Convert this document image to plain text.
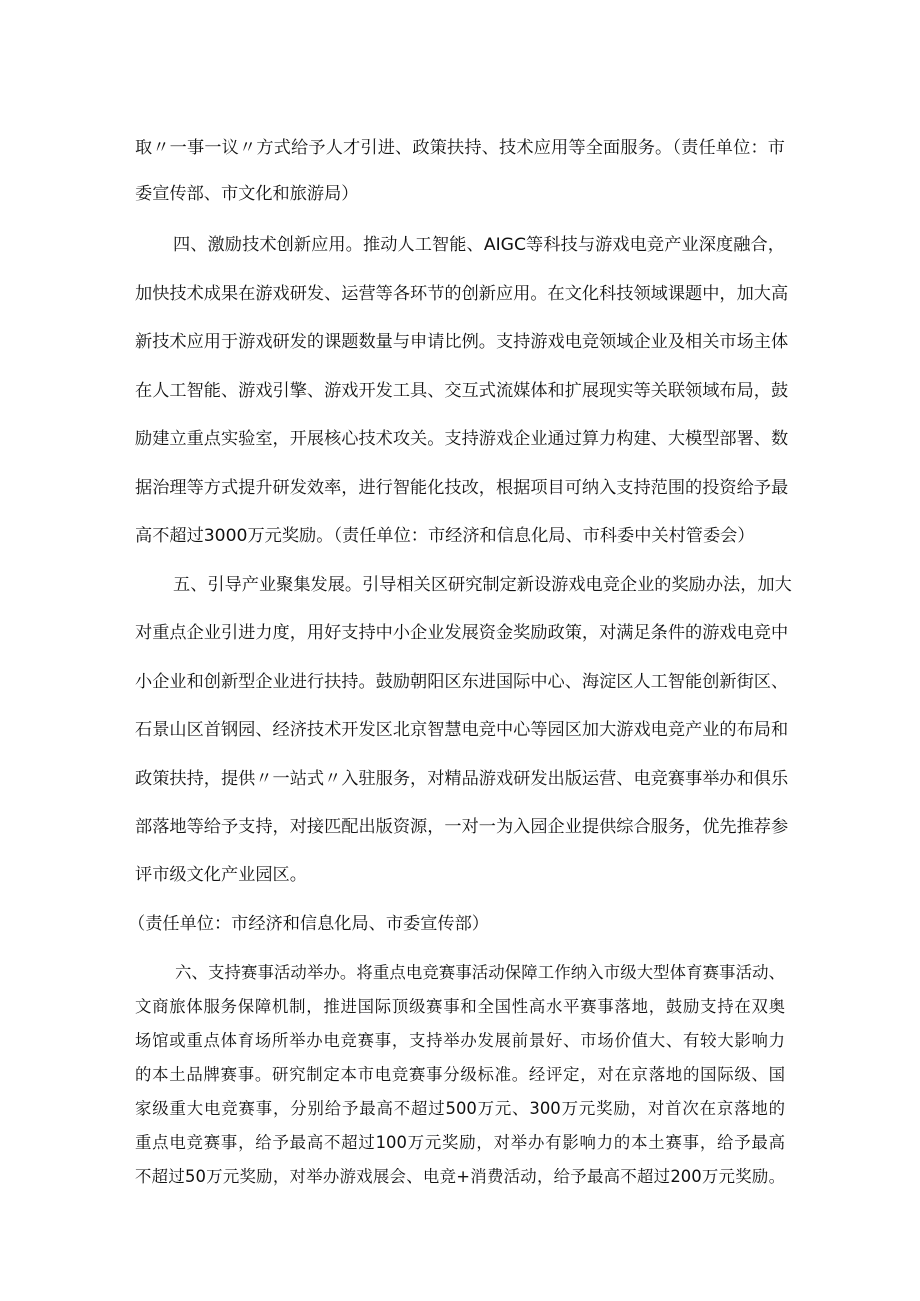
取〃一事一议〃方式给予人才引进、政策扶持、技术应用等全面服务。（责任单位：市
委宣传部、市文化和旅游局）
四、激励技术创新应用。推动人工智能、AIGC等科技与游戏电竞产业深度融合，
加快技术成果在游戏研发、运营等各环节的创新应用。在文化科技领域课题中，加大高
新技术应用于游戏研发的课题数量与申请比例。支持游戏电竞领域企业及相关市场主体
在人工智能、游戏引擎、游戏开发工具、交互式流媒体和扩展现实等关联领域布局，鼓
励建立重点实验室，开展核心技术攻关。支持游戏企业通过算力构建、大模型部署、数
据治理等方式提升研发效率，进行智能化技改，根据项目可纳入支持范围的投资给予最
高不超过3000万元奖励。（责任单位：市经济和信息化局、市科委中关村管委会）
五、引导产业聚集发展。引导相关区研究制定新设游戏电竞企业的奖励办法，加大
对重点企业引进力度，用好支持中小企业发展资金奖励政策，对满足条件的游戏电竞中
小企业和创新型企业进行扶持。鼓励朝阳区东进国际中心、海淀区人工智能创新街区、
石景山区首钢园、经济技术开发区北京智慧电竞中心等园区加大游戏电竞产业的布局和
政策扶持，提供〃一站式〃入驻服务，对精品游戏研发出版运营、电竞赛事举办和俱乐
部落地等给予支持，对接匹配出版资源，一对一为入园企业提供综合服务，优先推荐参
评市级文化产业园区。
（责任单位：市经济和信息化局、市委宣传部）
六、支持赛事活动举办。将重点电竞赛事活动保障工作纳入市级大型体育赛事活动、
文商旅体服务保障机制，推进国际顶级赛事和全国性高水平赛事落地，鼓励支持在双奥
场馆或重点体育场所举办电竞赛事，支持举办发展前景好、市场价值大、有较大影响力
的本土品牌赛事。研究制定本市电竞赛事分级标准。经评定，对在京落地的国际级、国
家级重大电竞赛事，分别给予最高不超过500万元、300万元奖励，对首次在京落地的
重点电竞赛事，给予最高不超过100万元奖励，对举办有影响力的本土赛事，给予最高
不超过50万元奖励，对举办游戏展会、电竞+消费活动，给予最高不超过200万元奖励。
